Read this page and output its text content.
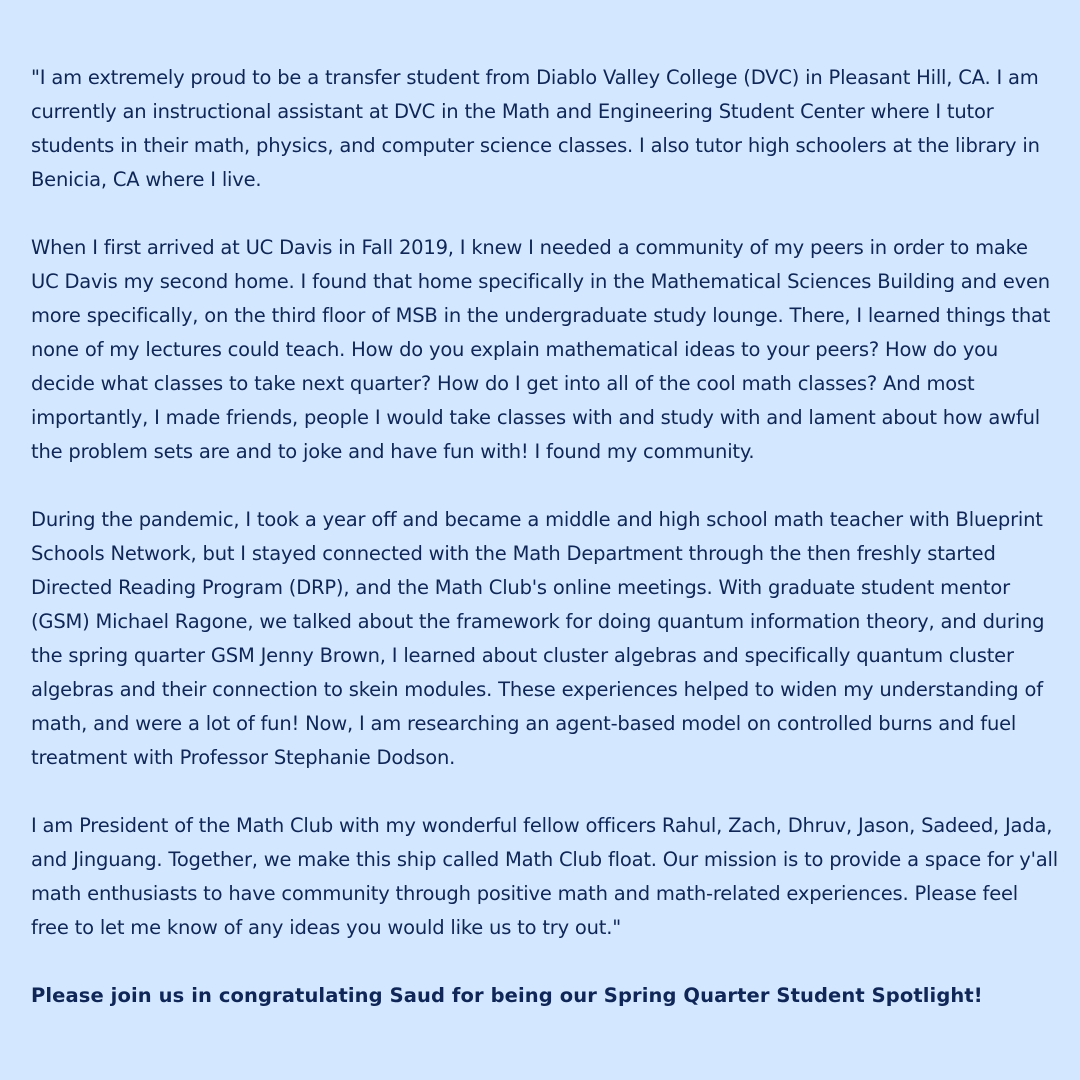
"I am extremely proud to be a transfer student from Diablo Valley College (DVC) in Pleasant Hill, CA. I am currently an instructional assistant at DVC in the Math and Engineering Student Center where I tutor students in their math, physics, and computer science classes. I also tutor high schoolers at the library in Benicia, CA where I live.

When I first arrived at UC Davis in Fall 2019, I knew I needed a community of my peers in order to make UC Davis my second home. I found that home specifically in the Mathematical Sciences Building and even more specifically, on the third floor of MSB in the undergraduate study lounge. There, I learned things that none of my lectures could teach. How do you explain mathematical ideas to your peers? How do you decide what classes to take next quarter? How do I get into all of the cool math classes? And most importantly, I made friends, people I would take classes with and study with and lament about how awful the problem sets are and to joke and have fun with! I found my community.

During the pandemic, I took a year off and became a middle and high school math teacher with Blueprint Schools Network, but I stayed connected with the Math Department through the then freshly started Directed Reading Program (DRP), and the Math Club's online meetings. With graduate student mentor (GSM) Michael Ragone, we talked about the framework for doing quantum information theory, and during the spring quarter GSM Jenny Brown, I learned about cluster algebras and specifically quantum cluster algebras and their connection to skein modules. These experiences helped to widen my understanding of math, and were a lot of fun! Now, I am researching an agent-based model on controlled burns and fuel treatment with Professor Stephanie Dodson.

I am President of the Math Club with my wonderful fellow officers Rahul, Zach, Dhruv, Jason, Sadeed, Jada, and Jinguang. Together, we make this ship called Math Club float. Our mission is to provide a space for y'all math enthusiasts to have community through positive math and math-related experiences. Please feel free to let me know of any ideas you would like us to try out."

Please join us in congratulating Saud for being our Spring Quarter Student Spotlight!
